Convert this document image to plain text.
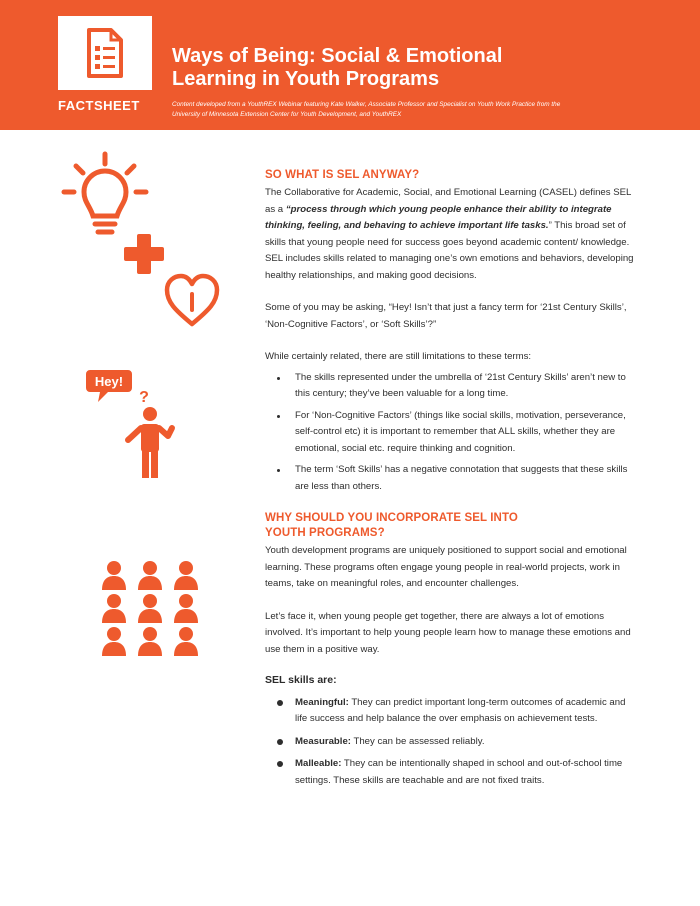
FACTSHEET
Ways of Being: Social & Emotional
Learning in Youth Programs
Content developed from a YouthREX Webinar featuring Kate Walker, Associate Professor and Specialist on Youth Work Practice from the University of Minnesota Extension Center for Youth Development, and YouthREX
Hey!
?
SO WHAT IS SEL ANYWAY?
The Collaborative for Academic, Social, and Emotional Learning (CASEL) defines SEL as a “process through which young people enhance their ability to integrate thinking, feeling, and behaving to achieve important life tasks.” This broad set of skills that young people need for success goes beyond academic content/ knowledge. SEL includes skills related to managing one’s own emotions and behaviors, developing healthy relationships, and making good decisions.
Some of you may be asking, “Hey! Isn’t that just a fancy term for ‘21st Century Skills’, ‘Non-Cognitive Factors’, or ‘Soft Skills’?”
While certainly related, there are still limitations to these terms:
The skills represented under the umbrella of ‘21st Century Skills’ aren’t new to this century; they’ve been valuable for a long time.
For ‘Non-Cognitive Factors’ (things like social skills, motivation, perseverance, self-control etc) it is important to remember that ALL skills, whether they are emotional, social etc. require thinking and cognition.
The term ‘Soft Skills’ has a negative connotation that suggests that these skills are less than others.
WHY SHOULD YOU INCORPORATE SEL INTO
YOUTH PROGRAMS?
Youth development programs are uniquely positioned to support social and emotional learning. These programs often engage young people in real-world projects, work in teams, take on meaningful roles, and encounter challenges.
Let’s face it, when young people get together, there are always a lot of emotions involved. It’s important to help young people learn how to manage these emotions and use them in a positive way.
SEL skills are:
Meaningful: They can predict important long-term outcomes of academic and life success and help balance the over emphasis on achievement tests.
Measurable: They can be assessed reliably.
Malleable: They can be intentionally shaped in school and out-of-school time settings. These skills are teachable and are not fixed traits.
